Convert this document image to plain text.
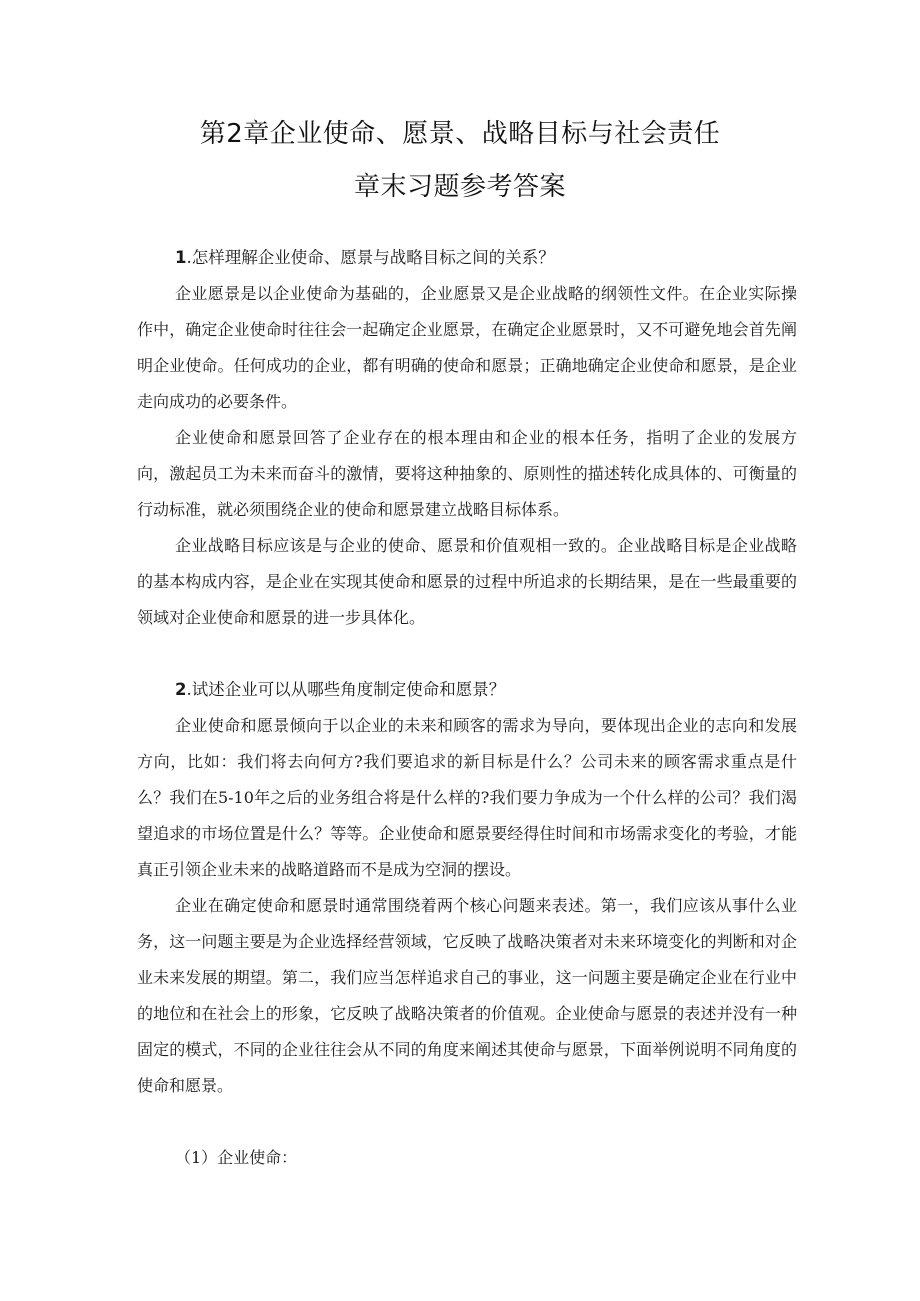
第2章企业使命、愿景、战略目标与社会责任
章末习题参考答案

1.怎样理解企业使命、愿景与战略目标之间的关系？

企业愿景是以企业使命为基础的，企业愿景又是企业战略的纲领性文件。在企业实际操作中，确定企业使命时往往会一起确定企业愿景，在确定企业愿景时，又不可避免地会首先阐明企业使命。任何成功的企业，都有明确的使命和愿景；正确地确定企业使命和愿景，是企业走向成功的必要条件。

企业使命和愿景回答了企业存在的根本理由和企业的根本任务，指明了企业的发展方向，激起员工为未来而奋斗的激情，要将这种抽象的、原则性的描述转化成具体的、可衡量的行动标准，就必须围绕企业的使命和愿景建立战略目标体系。

企业战略目标应该是与企业的使命、愿景和价值观相一致的。企业战略目标是企业战略的基本构成内容，是企业在实现其使命和愿景的过程中所追求的长期结果，是在一些最重要的领域对企业使命和愿景的进一步具体化。

2.试述企业可以从哪些角度制定使命和愿景？

企业使命和愿景倾向于以企业的未来和顾客的需求为导向，要体现出企业的志向和发展方向，比如：我们将去向何方?我们要追求的新目标是什么？公司未来的顾客需求重点是什么？我们在5-10年之后的业务组合将是什么样的?我们要力争成为一个什么样的公司？我们渴望追求的市场位置是什么？等等。企业使命和愿景要经得住时间和市场需求变化的考验，才能真正引领企业未来的战略道路而不是成为空洞的摆设。

企业在确定使命和愿景时通常围绕着两个核心问题来表述。第一，我们应该从事什么业务，这一问题主要是为企业选择经营领域，它反映了战略决策者对未来环境变化的判断和对企业未来发展的期望。第二，我们应当怎样追求自己的事业，这一问题主要是确定企业在行业中的地位和在社会上的形象，它反映了战略决策者的价值观。企业使命与愿景的表述并没有一种固定的模式，不同的企业往往会从不同的角度来阐述其使命与愿景，下面举例说明不同角度的使命和愿景。

（1）企业使命：
